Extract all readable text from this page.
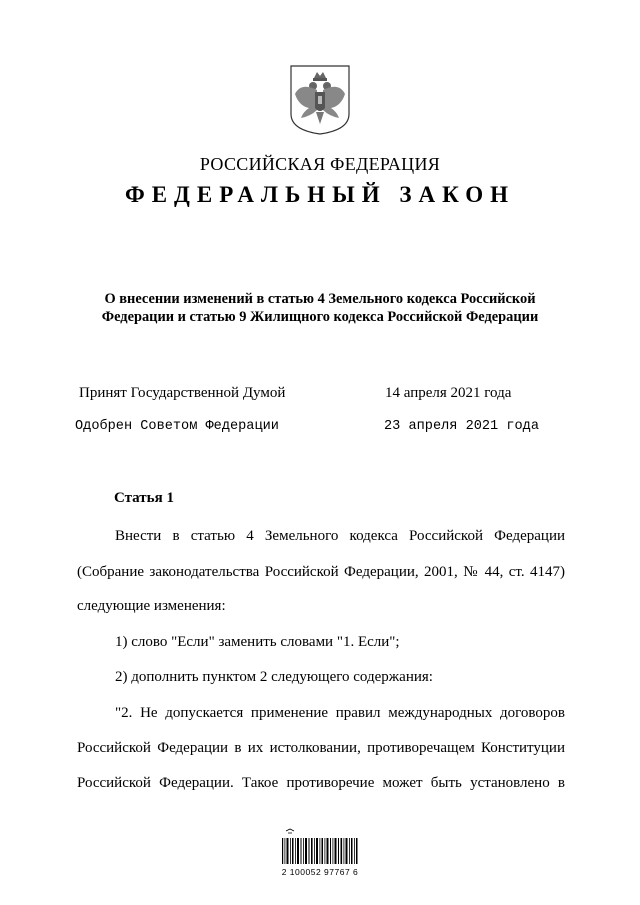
РОССИЙСКАЯ ФЕДЕРАЦИЯ
ФЕДЕРАЛЬНЫЙ ЗАКОН
О внесении изменений в статью 4 Земельного кодекса Российской
Федерации и статью 9 Жилищного кодекса Российской Федерации
Принят Государственной Думой	14 апреля 2021 года
Одобрен Советом Федерации	23 апреля 2021 года
Статья 1
Внести в статью 4 Земельного кодекса Российской Федерации
(Собрание законодательства Российской Федерации, 2001, № 44, ст. 4147)
следующие изменения:
1) слово "Если" заменить словами "1. Если";
2) дополнить пунктом 2 следующего содержания:
"2. Не допускается применение правил международных договоров
Российской Федерации в их истолковании, противоречащем Конституции
Российской Федерации. Такое противоречие может быть установлено в
2 100052 97767 6
